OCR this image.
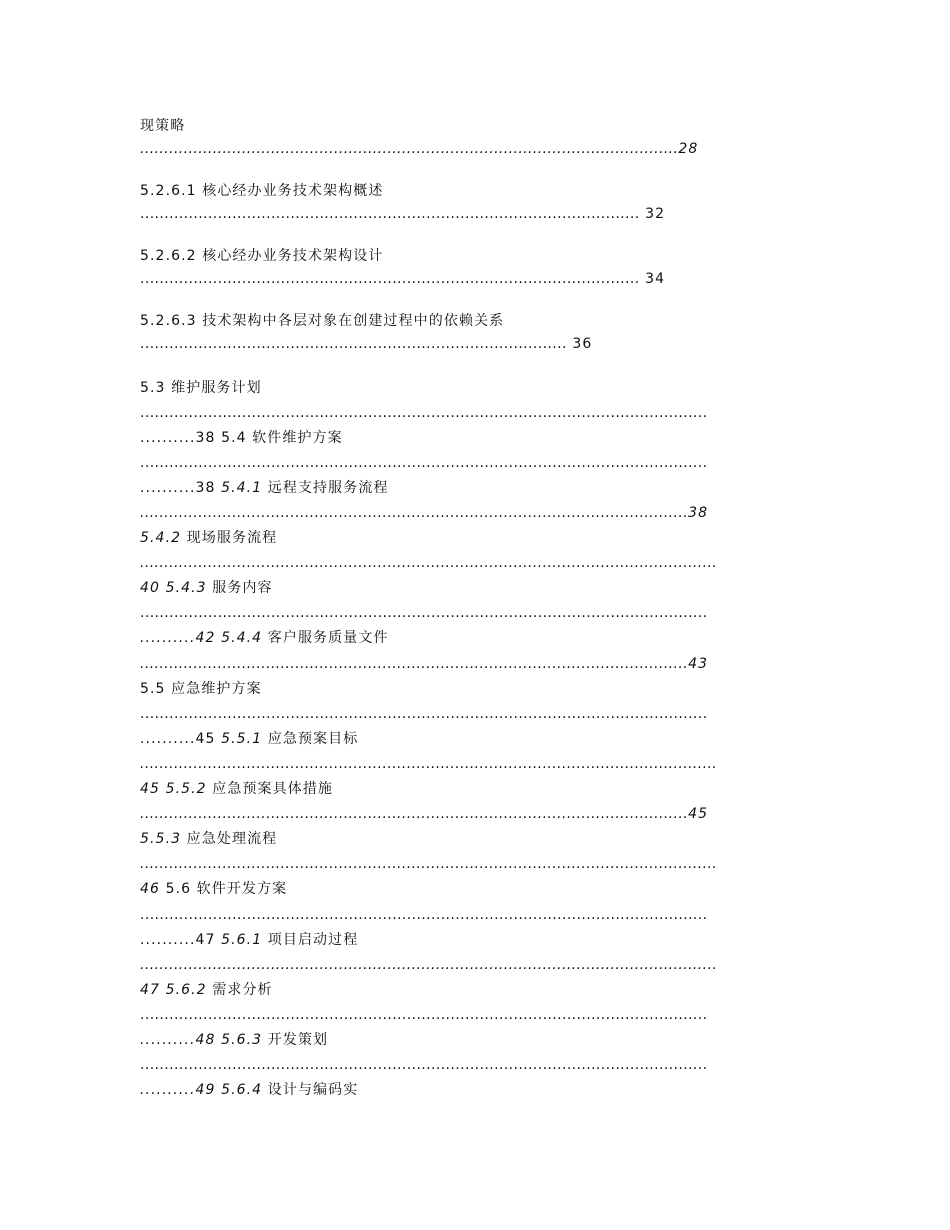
现策略
...............................................................................................................28
5.2.6.1 核心经办业务技术架构概述
....................................................................................................... 32
5.2.6.2 核心经办业务技术架构设计
....................................................................................................... 34
5.2.6.3 技术架构中各层对象在创建过程中的依赖关系
........................................................................................ 36
5.3 维护服务计划
.....................................................................................................................
..........38 5.4 软件维护方案
.....................................................................................................................
..........38 5.4.1 远程支持服务流程
.................................................................................................................38
5.4.2 现场服务流程
.......................................................................................................................
40 5.4.3 服务内容
.....................................................................................................................
..........42 5.4.4 客户服务质量文件
.................................................................................................................43
5.5 应急维护方案
.....................................................................................................................
..........45 5.5.1 应急预案目标
.......................................................................................................................
45 5.5.2 应急预案具体措施
.................................................................................................................45
5.5.3 应急处理流程
.......................................................................................................................
46 5.6 软件开发方案
.....................................................................................................................
..........47 5.6.1 项目启动过程
.......................................................................................................................
47 5.6.2 需求分析
.....................................................................................................................
..........48 5.6.3 开发策划
.....................................................................................................................
..........49 5.6.4 设计与编码实
